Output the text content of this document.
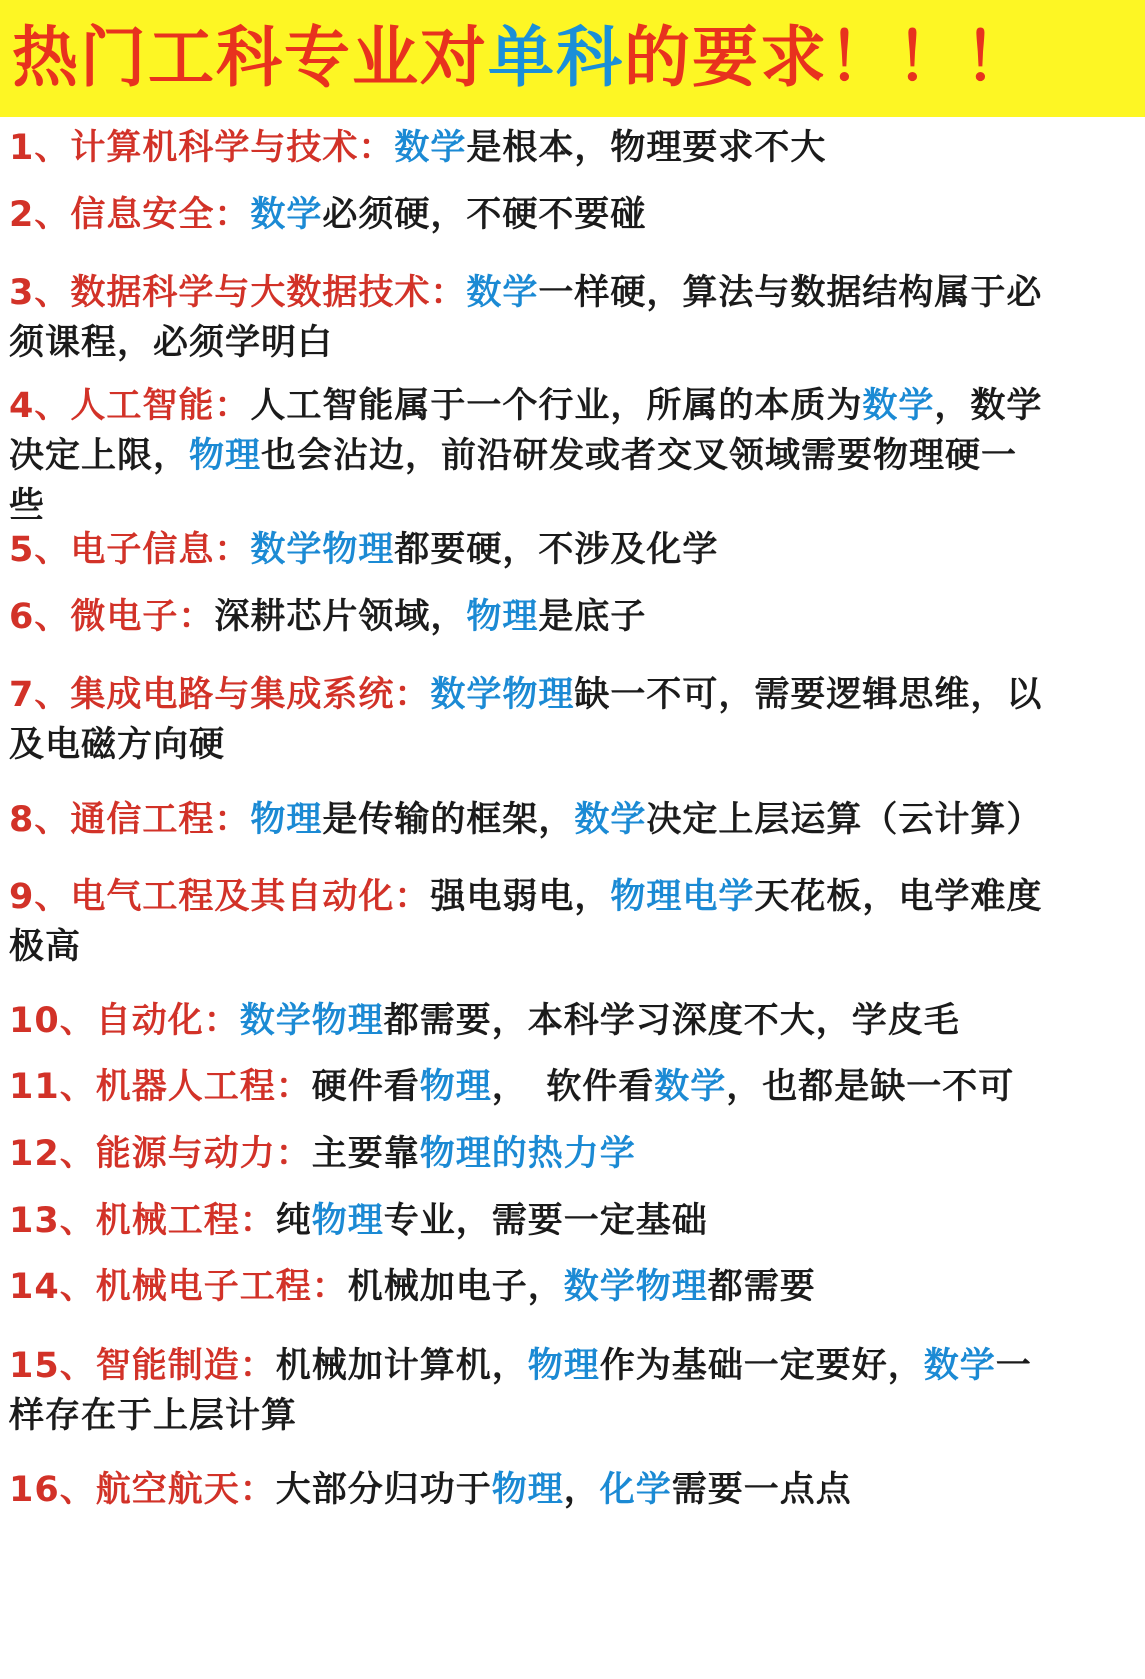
热门工科专业对单科的要求！！！
1、计算机科学与技术：数学是根本，物理要求不大
2、信息安全：数学必须硬，不硬不要碰
3、数据科学与大数据技术：数学一样硬，算法与数据结构属于必
须课程，必须学明白
4、人工智能：人工智能属于一个行业，所属的本质为数学，数学
决定上限，物理也会沾边，前沿研发或者交叉领域需要物理硬一
些
5、电子信息：数学物理都要硬，不涉及化学
6、微电子：深耕芯片领域，物理是底子
7、集成电路与集成系统：数学物理缺一不可，需要逻辑思维，以
及电磁方向硬
8、通信工程：物理是传输的框架，数学决定上层运算（云计算）
9、电气工程及其自动化：强电弱电，物理电学天花板，电学难度
极高
10、自动化：数学物理都需要，本科学习深度不大，学皮毛
11、机器人工程：硬件看物理，　软件看数学，也都是缺一不可
12、能源与动力：主要靠物理的热力学
13、机械工程：纯物理专业，需要一定基础
14、机械电子工程：机械加电子，数学物理都需要
15、智能制造：机械加计算机，物理作为基础一定要好，数学一
样存在于上层计算
16、航空航天：大部分归功于物理，化学需要一点点
